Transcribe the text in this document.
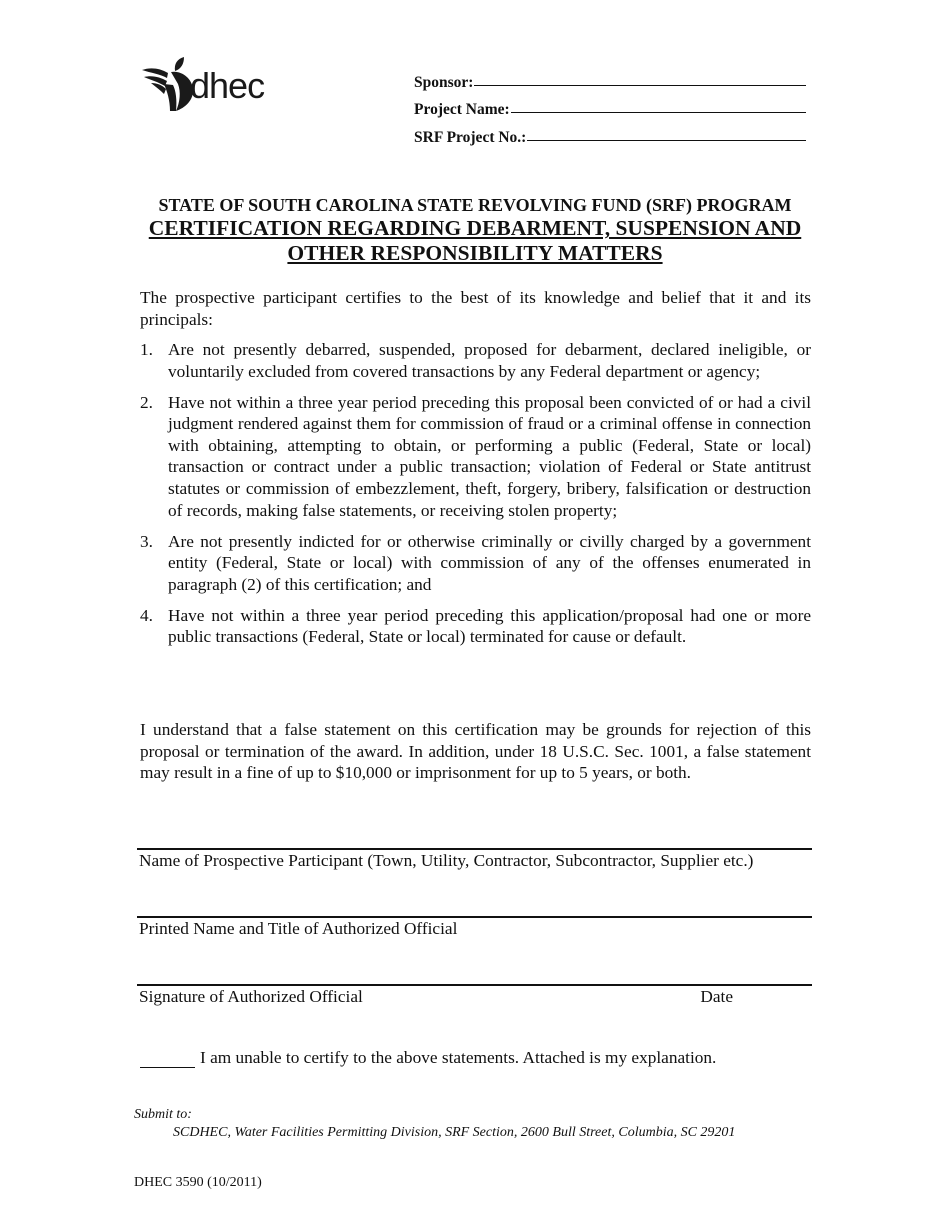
dhec	Sponsor:
Project Name:
SRF Project No.:
STATE OF SOUTH CAROLINA STATE REVOLVING FUND (SRF) PROGRAM
CERTIFICATION REGARDING DEBARMENT, SUSPENSION AND
OTHER RESPONSIBILITY MATTERS
The prospective participant certifies to the best of its knowledge and belief that it and its principals:
1. Are not presently debarred, suspended, proposed for debarment, declared ineligible, or voluntarily excluded from covered transactions by any Federal department or agency;
2. Have not within a three year period preceding this proposal been convicted of or had a civil judgment rendered against them for commission of fraud or a criminal offense in connection with obtaining, attempting to obtain, or performing a public (Federal, State or local) transaction or contract under a public transaction; violation of Federal or State antitrust statutes or commission of embezzlement, theft, forgery, bribery, falsification or destruction of records, making false statements, or receiving stolen property;
3. Are not presently indicted for or otherwise criminally or civilly charged by a government entity (Federal, State or local) with commission of any of the offenses enumerated in paragraph (2) of this certification; and
4. Have not within a three year period preceding this application/proposal had one or more public transactions (Federal, State or local) terminated for cause or default.
I understand that a false statement on this certification may be grounds for rejection of this proposal or termination of the award. In addition, under 18 U.S.C. Sec. 1001, a false statement may result in a fine of up to $10,000 or imprisonment for up to 5 years, or both.
Name of Prospective Participant (Town, Utility, Contractor, Subcontractor, Supplier etc.)
Printed Name and Title of Authorized Official
Signature of Authorized Official	Date
I am unable to certify to the above statements. Attached is my explanation.
Submit to:
SCDHEC, Water Facilities Permitting Division, SRF Section, 2600 Bull Street, Columbia, SC 29201
DHEC 3590 (10/2011)
